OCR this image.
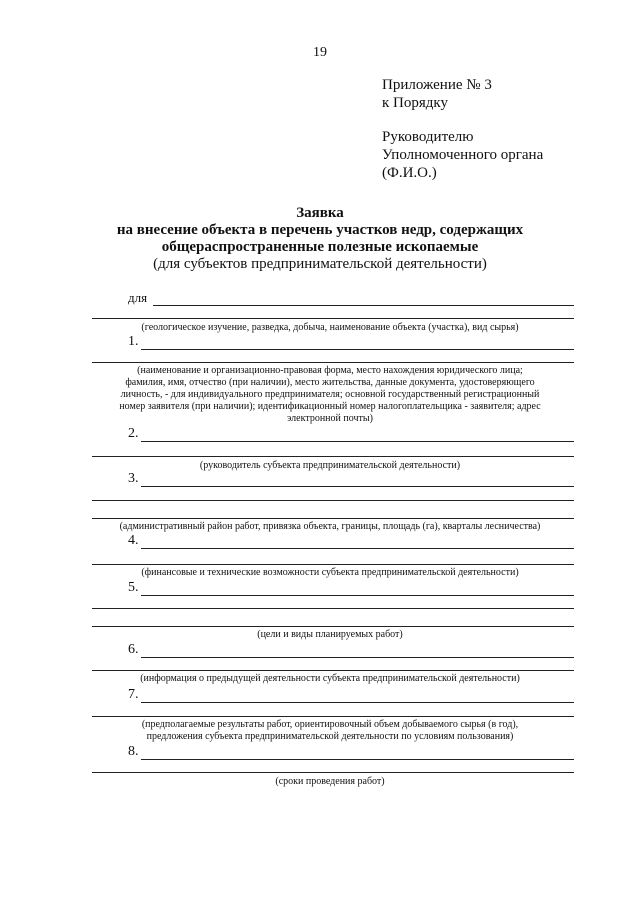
19
Приложение № 3
к Порядку
Руководителю
Уполномоченного органа
(Ф.И.О.)
Заявка
на внесение объекта в перечень участков недр, содержащих
общераспространенные полезные ископаемые
(для субъектов предпринимательской деятельности)
для
(геологическое изучение, разведка, добыча, наименование объекта (участка), вид сырья)
1.
(наименование и организационно-правовая форма, место нахождения юридического лица;
фамилия, имя, отчество (при наличии), место жительства, данные документа, удостоверяющего
личность, - для индивидуального предпринимателя; основной государственный регистрационный
номер заявителя (при наличии); идентификационный номер налогоплательщика - заявителя; адрес
электронной почты)
2.
(руководитель субъекта предпринимательской деятельности)
3.
(административный район работ, привязка объекта, границы, площадь (га), кварталы лесничества)
4.
(финансовые и технические возможности субъекта предпринимательской деятельности)
5.
(цели и виды планируемых работ)
6.
(информация о предыдущей деятельности субъекта предпринимательской деятельности)
7.
(предполагаемые результаты работ, ориентировочный объем добываемого сырья (в год),
предложения субъекта предпринимательской деятельности по условиям пользования)
8.
(сроки проведения работ)
